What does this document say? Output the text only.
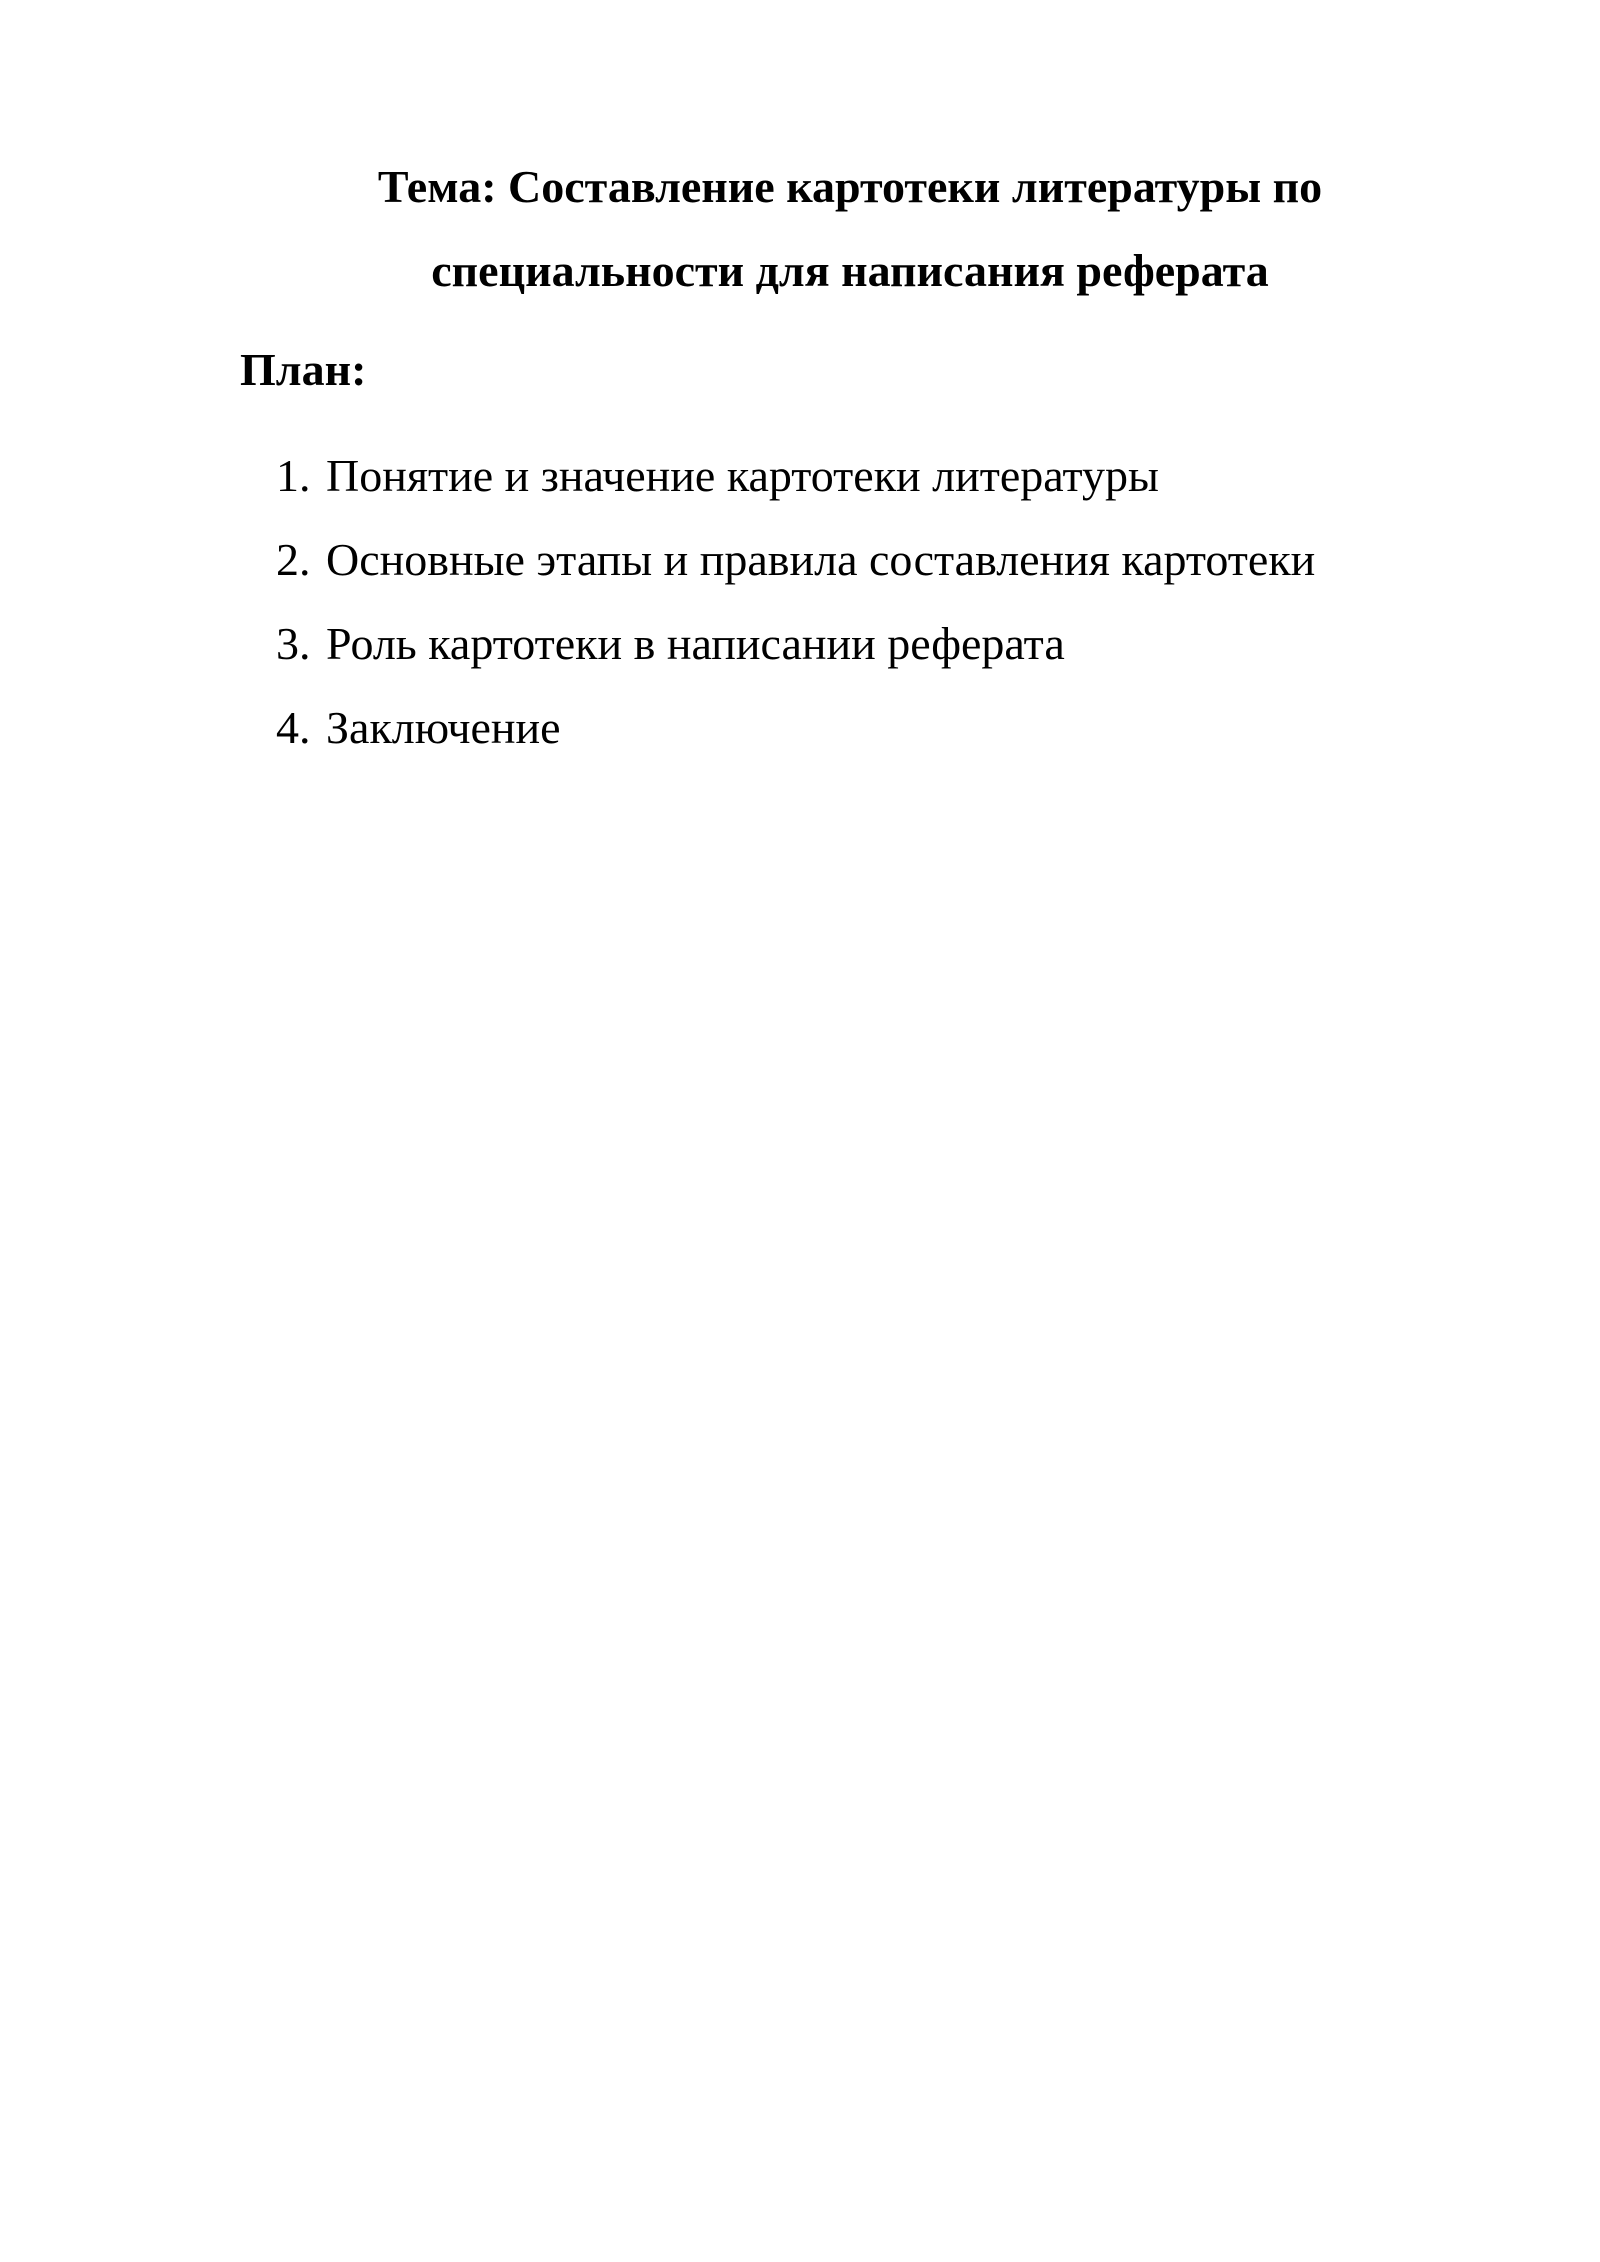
Тема: Составление картотеки литературы по
специальности для написания реферата
План:
1. Понятие и значение картотеки литературы
2. Основные этапы и правила составления картотеки
3. Роль картотеки в написании реферата
4. Заключение
